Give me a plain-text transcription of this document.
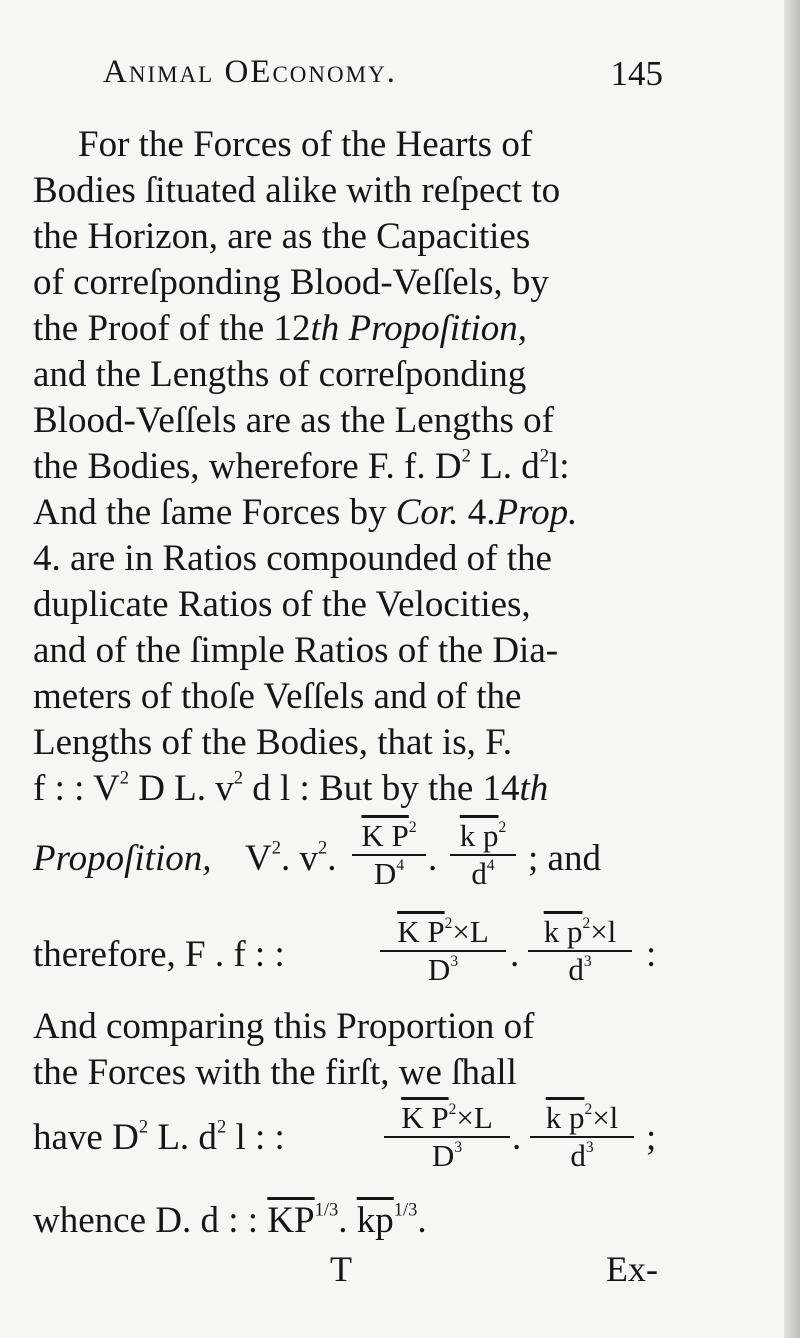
Animal OEconomy.	145
For the Forces of the Hearts of
Bodies ſituated alike with reſpect to
the Horizon, are as the Capacities
of correſponding Blood-Veſſels, by
the Proof of the 12th Propoſition,
and the Lengths of correſponding
Blood-Veſſels are as the Lengths of
the Bodies, wherefore F. f. $D^2$ L. $d^2l$:
And the ſame Forces by Cor. 4.Prop.
4. are in Ratios compounded of the
duplicate Ratios of the Velocities,
and of the ſimple Ratios of the Dia-
meters of thoſe Veſſels and of the
Lengths of the Bodies, that is, F.
f : : $V^2$ D L. $v^2$ d l : But by the 14th
Propoſition, $V^2$. $v^2$. $\frac{K P^2}{D^4}$ . $\frac{k p^2}{d^4}$ ; and
therefore, F . f : :	$\frac{K P^2\times L}{D^3}$ . $\frac{k p^2\times l}{d^3}$ :
And comparing this Proportion of
the Forces with the firſt, we ſhall
have $D^2$ L. $d^2$ l : :	$\frac{K P^2\times L}{D^3}$ . $\frac{k p^2\times l}{d^3}$ ;
whence D. d : : $\overline{KP}^{1/3}$. $\overline{kp}^{1/3}$.
T	Ex-
